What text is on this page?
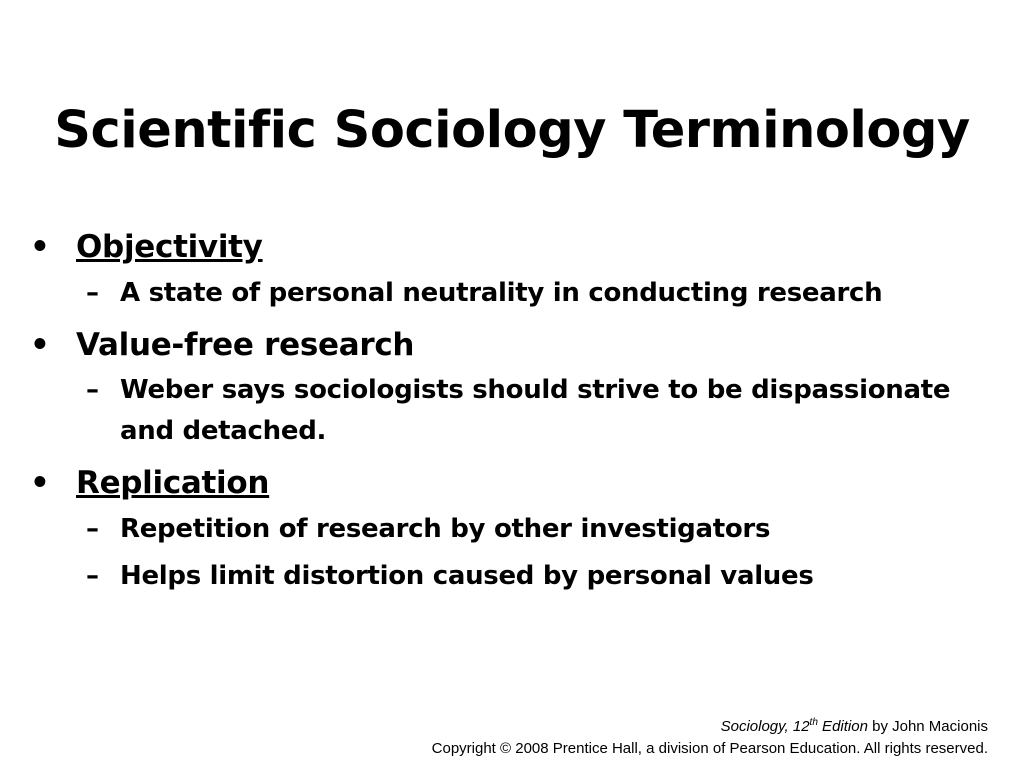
Scientific Sociology Terminology
• Objectivity
– A state of personal neutrality in conducting research
• Value-free research
– Weber says sociologists should strive to be dispassionate and detached.
• Replication
– Repetition of research by other investigators
– Helps limit distortion caused by personal values
Sociology, 12th Edition by John Macionis
Copyright © 2008 Prentice Hall, a division of Pearson Education. All rights reserved.
